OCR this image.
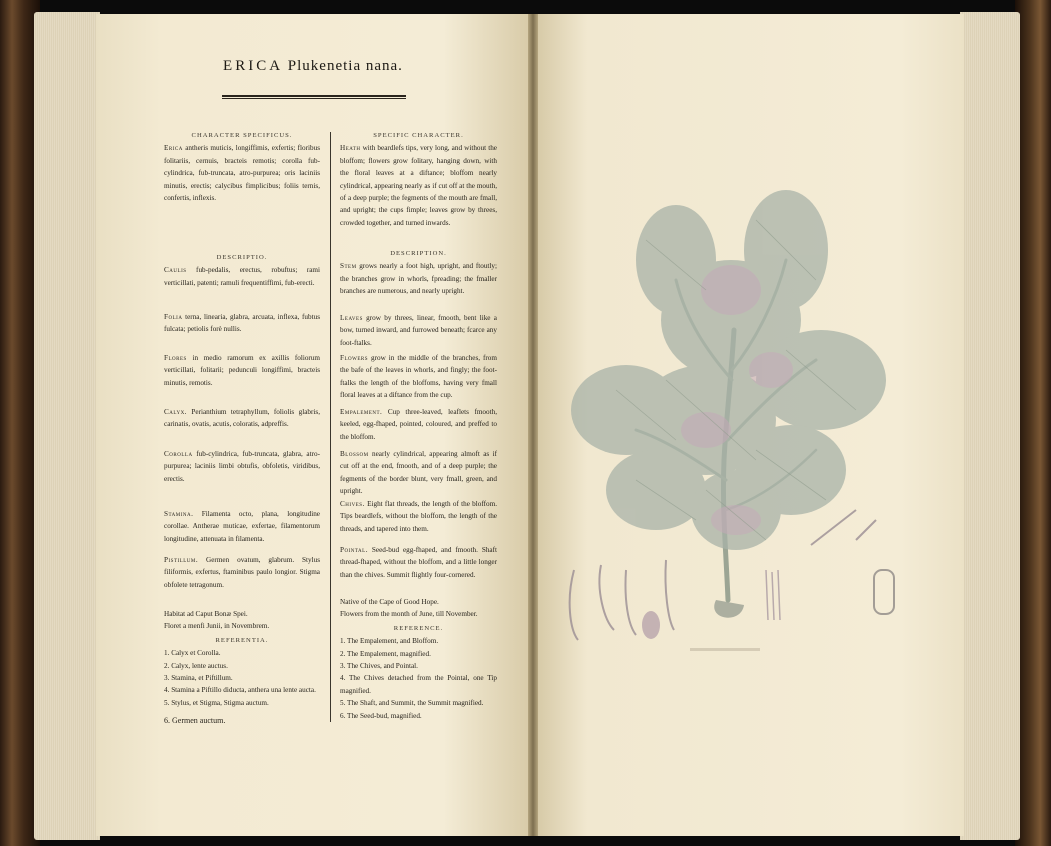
ERICA Plukenetia nana.
CHARACTER SPECIFICUS.

Erica antheris muticis, longiffimis, exfertis; floribus folitariis, cernuis, bracteis remotis; corolla fub-cylindrica, fub-truncata, atro-purpurea; oris laciniis minutis, erectis; calycibus fimplicibus; foliis ternis, confertis, inflexis.

DESCRIPTIO.

Caulis fub-pedalis, erectus, robuftus; rami verticillati, patenti; ramuli frequentiffimi, fub-erecti.

Folia terna, linearia, glabra, arcuata, inflexa, fubtus fulcata; petiolis forè nullis.

Flores in medio ramorum ex axillis foliorum verticillati, folitarii; pedunculi longiffimi, bracteis minutis, remotis.

Calyx. Perianthium tetraphyllum, foliolis glabris, carinatis, ovatis, acutis, coloratis, adpreffis.

Corolla fub-cylindrica, fub-truncata, glabra, atro-purpurea; laciniis limbi obtufis, obfoletis, viridibus, erectis.

Stamina. Filamenta octo, plana, longitudine corollae. Antherae muticae, exfertae, filamentorum longitudine, attenuata in filamenta.

Pistillum. Germen ovatum, glabrum. Stylus filiformis, exfertus, ftaminibus paulo longior. Stigma obfolete tetragonum.

Habitat ad Caput Bonæ Spei.

Floret a menfi Junii, in Novembrem.

REFERENTIA.

1. Calyx et Corolla.

2. Calyx, lente auctus.

3. Stamina, et Piftillum.

4. Stamina a Piftillo diducta, anthera una lente aucta.

5. Stylus, et Stigma, Stigma auctum.

6. Germen auctum.

SPECIFIC CHARACTER.

Heath with beardlefs tips, very long, and without the bloffom; flowers grow folitary, hanging down, with the floral leaves at a diftance; bloffom nearly cylindrical, appearing nearly as if cut off at the mouth, of a deep purple; the fegments of the mouth are fmall, and upright; the cups fimple; leaves grow by threes, crowded together, and turned inwards.

DESCRIPTION.

Stem grows nearly a foot high, upright, and ftoutly; the branches grow in whorls, fpreading; the fmaller branches are numerous, and nearly upright.

Leaves grow by threes, linear, fmooth, bent like a bow, turned inward, and furrowed beneath; fcarce any foot-ftalks.

Flowers grow in the middle of the branches, from the bafe of the leaves in whorls, and fingly; the foot-ftalks the length of the bloffoms, having very fmall floral leaves at a diftance from the cup.

Empalement. Cup three-leaved, leaflets fmooth, keeled, egg-fhaped, pointed, coloured, and preffed to the bloffom.

Blossom nearly cylindrical, appearing almoft as if cut off at the end, fmooth, and of a deep purple; the fegments of the border blunt, very fmall, green, and upright.

Chives. Eight flat threads, the length of the bloffom. Tips beardlefs, without the bloffom, the length of the threads, and tapered into them.

Pointal. Seed-bud egg-fhaped, and fmooth. Shaft thread-fhaped, without the bloffom, and a little longer than the chives. Summit flightly four-cornered.

Native of the Cape of Good Hope.

Flowers from the month of June, till November.

REFERENCE.

1. The Empalement, and Bloffom.

2. The Empalement, magnified.

3. The Chives, and Pointal.

4. The Chives detached from the Pointal, one Tip magnified.

5. The Shaft, and Summit, the Summit magnified.

6. The Seed-bud, magnified.
